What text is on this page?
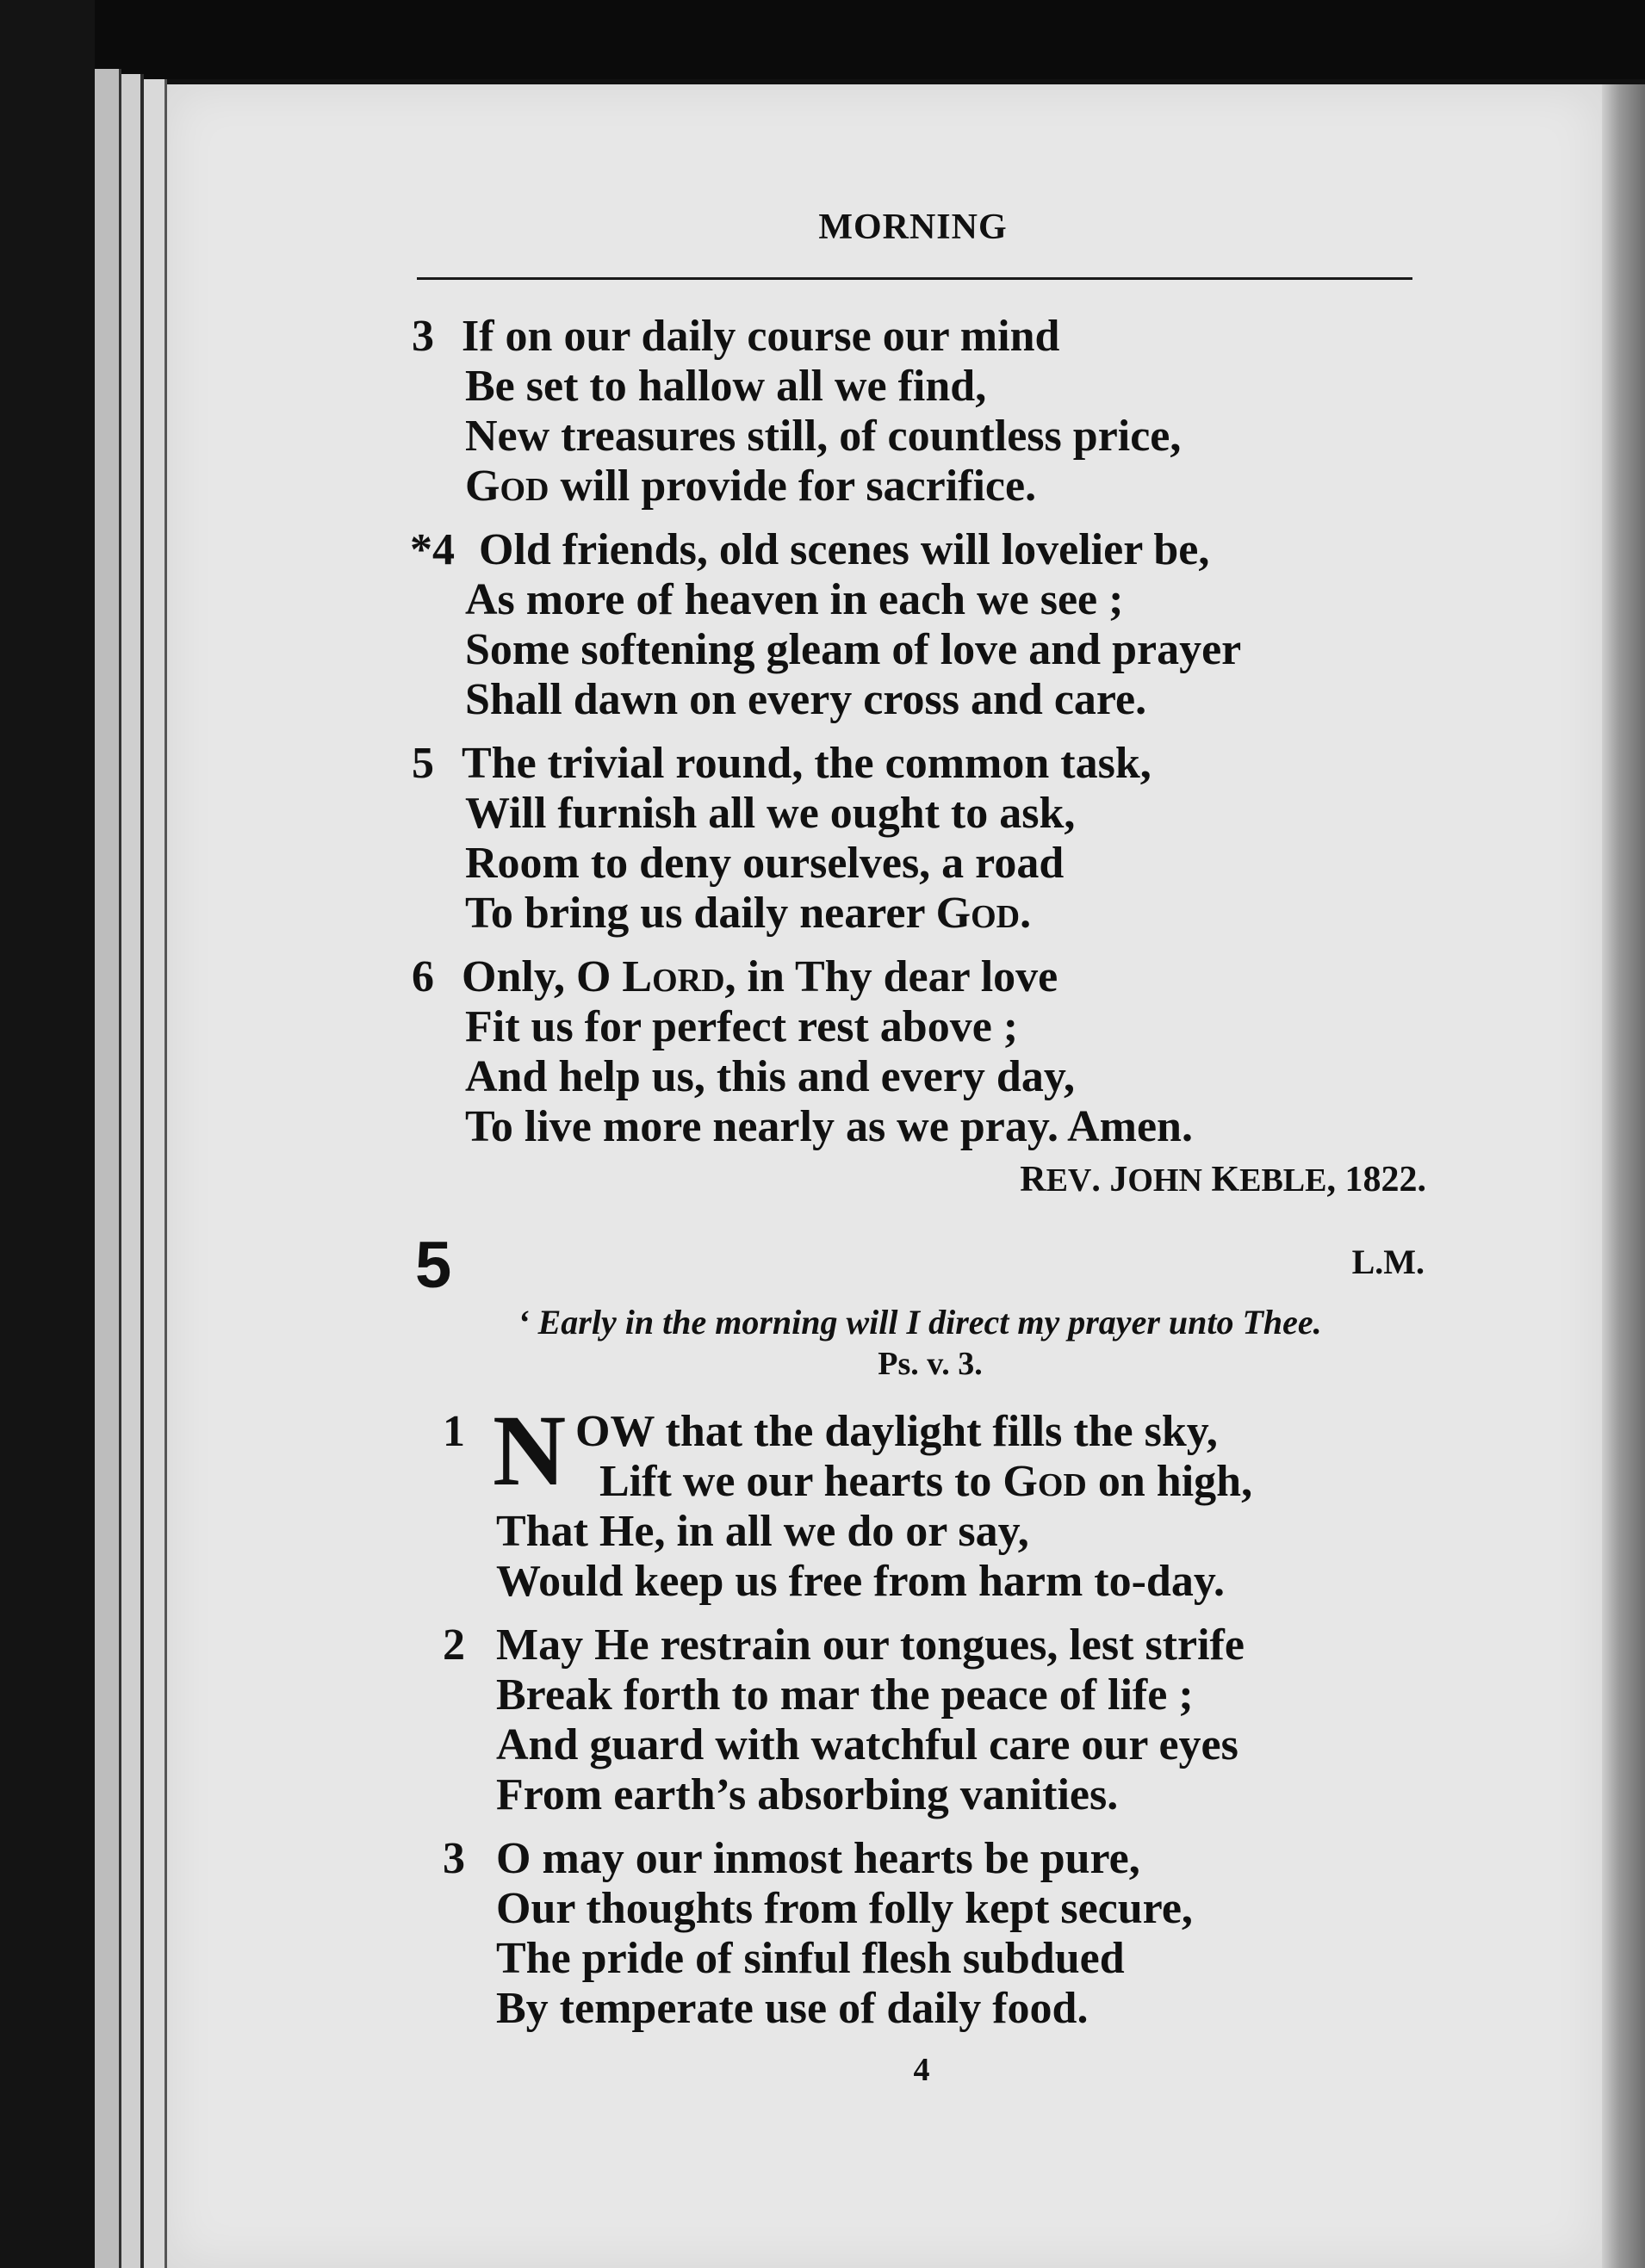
MORNING
3 If on our daily course our mind
Be set to hallow all we find,
New treasures still, of countless price,
GOD will provide for sacrifice.
*4 Old friends, old scenes will lovelier be,
As more of heaven in each we see ;
Some softening gleam of love and prayer
Shall dawn on every cross and care.
5 The trivial round, the common task,
Will furnish all we ought to ask,
Room to deny ourselves, a road
To bring us daily nearer GOD.
6 Only, O LORD, in Thy dear love
Fit us for perfect rest above ;
And help us, this and every day,
To live more nearly as we pray. Amen.
REV. JOHN KEBLE, 1822.
5	L.M.
‘ Early in the morning will I direct my prayer unto Thee.
Ps. v. 3.
1 N OW that the daylight fills the sky,
Lift we our hearts to GOD on high,
That He, in all we do or say,
Would keep us free from harm to-day.
2 May He restrain our tongues, lest strife
Break forth to mar the peace of life ;
And guard with watchful care our eyes
From earth’s absorbing vanities.
3 O may our inmost hearts be pure,
Our thoughts from folly kept secure,
The pride of sinful flesh subdued
By temperate use of daily food.
4
